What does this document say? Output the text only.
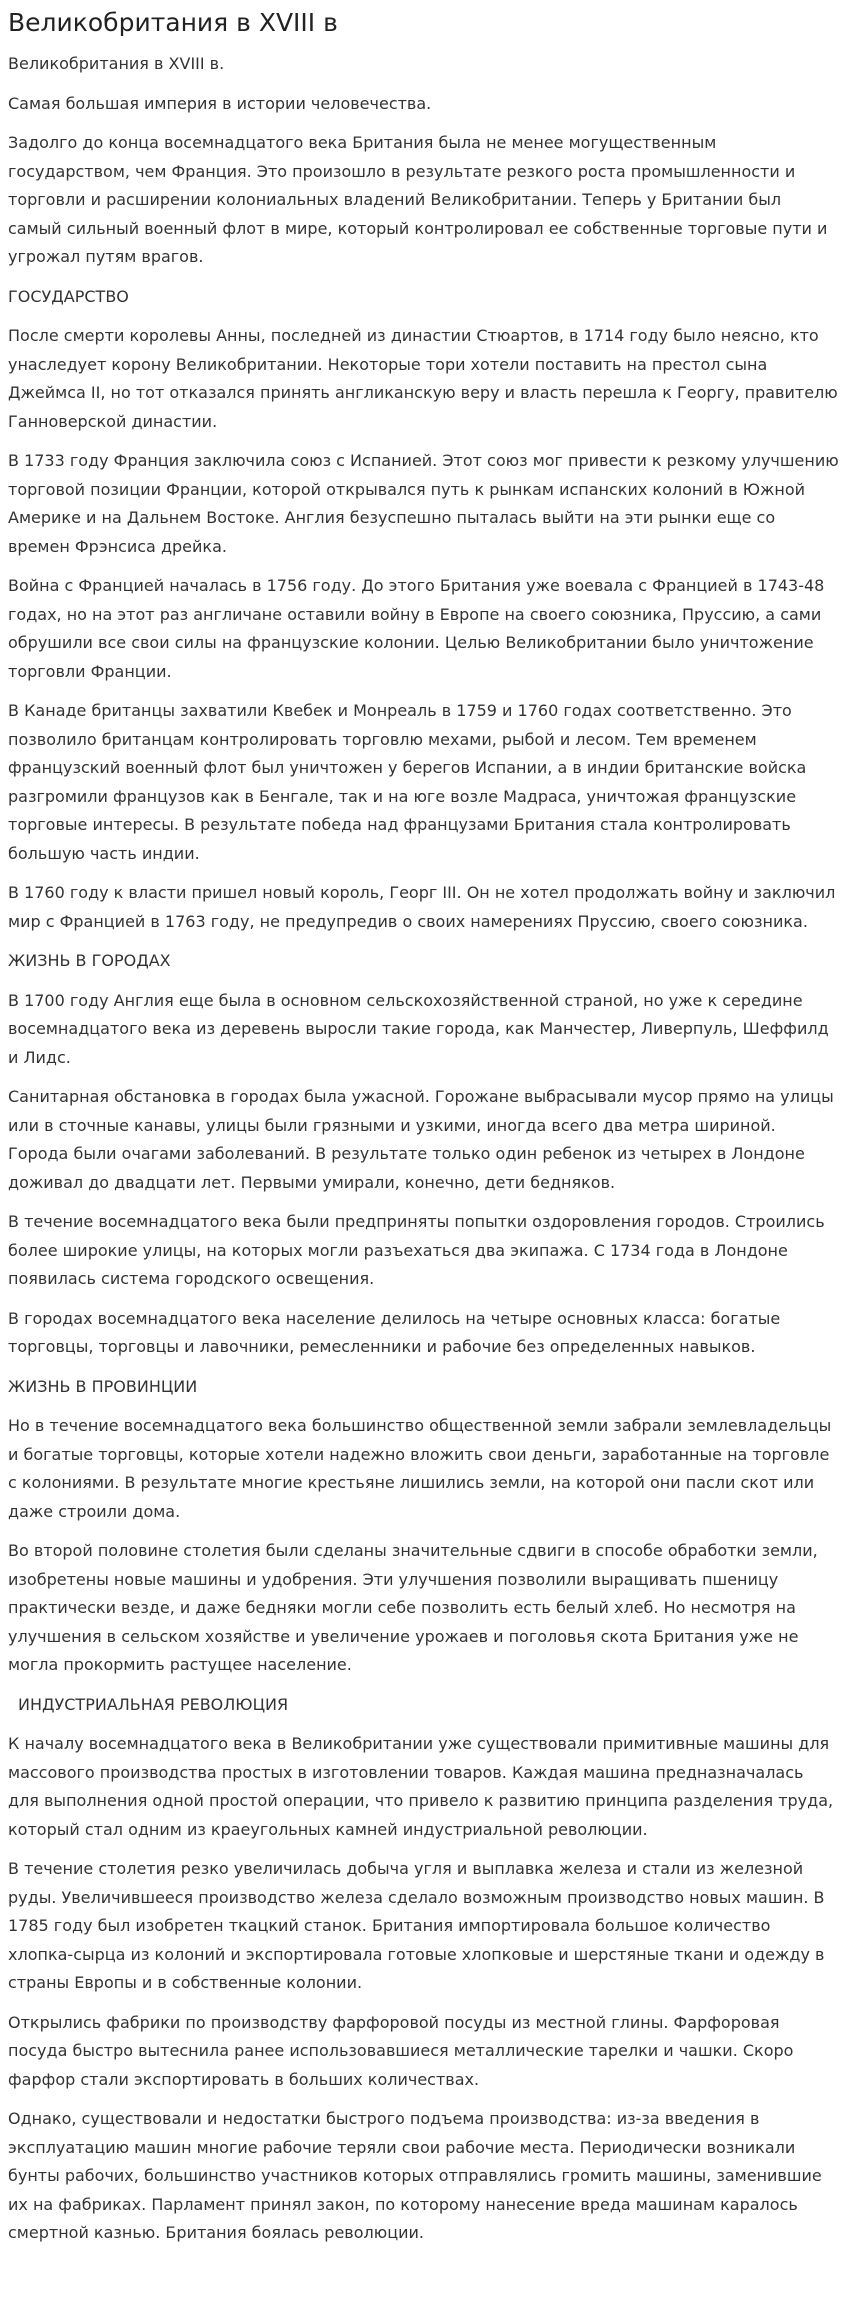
Великобритания в XVIII в

Великобритания в XVIII в.

Самая большая империя в истории человечества.

Задолго до конца восемнадцатого века Британия была не менее могущественным государством, чем Франция. Это произошло в результате резкого роста промышленности и торговли и расширении колониальных владений Великобритании. Теперь у Британии был самый сильный военный флот в мире, который контролировал ее собственные торговые пути и угрожал путям врагов.

ГОСУДАРСТВО

После смерти королевы Анны, последней из династии Стюартов, в 1714 году было неясно, кто унаследует корону Великобритании. Некоторые тори хотели поставить на престол сына Джеймса II, но тот отказался принять англиканскую веру и власть перешла к Георгу, правителю Ганноверской династии.

В 1733 году Франция заключила союз с Испанией. Этот союз мог привести к резкому улучшению торговой позиции Франции, которой открывался путь к рынкам испанских колоний в Южной Америке и на Дальнем Востоке. Англия безуспешно пыталась выйти на эти рынки еще со времен Фрэнсиса дрейка.

Война с Францией началась в 1756 году. До этого Британия уже воевала с Францией в 1743-48 годах, но на этот раз англичане оставили войну в Европе на своего союзника, Пруссию, а сами обрушили все свои силы на французские колонии. Целью Великобритании было уничтожение торговли Франции.

В Канаде британцы захватили Квебек и Монреаль в 1759 и 1760 годах соответственно. Это позволило британцам контролировать торговлю мехами, рыбой и лесом. Тем временем французский военный флот был уничтожен у берегов Испании, а в индии британские войска разгромили французов как в Бенгале, так и на юге возле Мадраса, уничтожая французские торговые интересы. В результате победа над французами Британия стала контролировать большую часть индии.

В 1760 году к власти пришел новый король, Георг III. Он не хотел продолжать войну и заключил мир с Францией в 1763 году, не предупредив о своих намерениях Пруссию, своего союзника.

ЖИЗНЬ В ГОРОДАХ

В 1700 году Англия еще была в основном сельскохозяйственной страной, но уже к середине восемнадцатого века из деревень выросли такие города, как Манчестер, Ливерпуль, Шеффилд и Лидс.

Санитарная обстановка в городах была ужасной. Горожане выбрасывали мусор прямо на улицы или в сточные канавы, улицы были грязными и узкими, иногда всего два метра шириной. Города были очагами заболеваний. В результате только один ребенок из четырех в Лондоне доживал до двадцати лет. Первыми умирали, конечно, дети бедняков.

В течение восемнадцатого века были предприняты попытки оздоровления городов. Строились более широкие улицы, на которых могли разъехаться два экипажа. С 1734 года в Лондоне появилась система городского освещения.

В городах восемнадцатого века население делилось на четыре основных класса: богатые торговцы, торговцы и лавочники, ремесленники и рабочие без определенных навыков.

ЖИЗНЬ В ПРОВИНЦИИ

Но в течение восемнадцатого века большинство общественной земли забрали землевладельцы и богатые торговцы, которые хотели надежно вложить свои деньги, заработанные на торговле с колониями. В результате многие крестьяне лишились земли, на которой они пасли скот или даже строили дома.

Во второй половине столетия были сделаны значительные сдвиги в способе обработки земли, изобретены новые машины и удобрения. Эти улучшения позволили выращивать пшеницу практически везде, и даже бедняки могли себе позволить есть белый хлеб. Но несмотря на улучшения в сельском хозяйстве и увеличение урожаев и поголовья скота Британия уже не могла прокормить растущее население.

ИНДУСТРИАЛЬНАЯ РЕВОЛЮЦИЯ

К началу восемнадцатого века в Великобритании уже существовали примитивные машины для массового производства простых в изготовлении товаров. Каждая машина предназначалась для выполнения одной простой операции, что привело к развитию принципа разделения труда, который стал одним из краеугольных камней индустриальной революции.

В течение столетия резко увеличилась добыча угля и выплавка железа и стали из железной руды. Увеличившееся производство железа сделало возможным производство новых машин. В 1785 году был изобретен ткацкий станок. Британия импортировала большое количество хлопка-сырца из колоний и экспортировала готовые хлопковые и шерстяные ткани и одежду в страны Европы и в собственные колонии.

Открылись фабрики по производству фарфоровой посуды из местной глины. Фарфоровая посуда быстро вытеснила ранее использовавшиеся металлические тарелки и чашки. Скоро фарфор стали экспортировать в больших количествах.

Однако, существовали и недостатки быстрого подъема производства: из-за введения в эксплуатацию машин многие рабочие теряли свои рабочие места. Периодически возникали бунты рабочих, большинство участников которых отправлялись громить машины, заменившие их на фабриках. Парламент принял закон, по которому нанесение вреда машинам каралось смертной казнью. Британия боялась революции.
